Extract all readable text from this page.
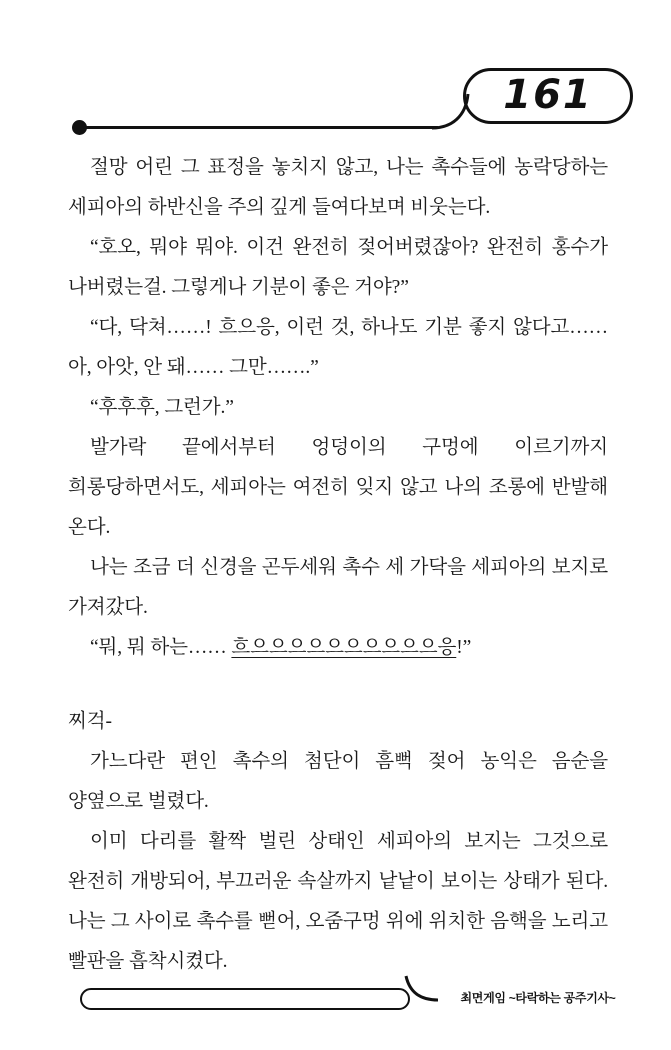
161

절망 어린 그 표정을 놓치지 않고, 나는 촉수들에 농락당하는 세피아의 하반신을 주의 깊게 들여다보며 비웃는다.

“호오, 뭐야 뭐야. 이건 완전히 젖어버렸잖아? 완전히 홍수가 나버렸는걸. 그렇게나 기분이 좋은 거야?”

“다, 닥쳐……! 흐으응, 이런 것, 하나도 기분 좋지 않다고…… 아, 아앗, 안 돼…… 그만…….”

“후후후, 그런가.”

발가락 끝에서부터 엉덩이의 구멍에 이르기까지 희롱당하면서도, 세피아는 여전히 잊지 않고 나의 조롱에 반발해 온다.

나는 조금 더 신경을 곤두세워 촉수 세 가닥을 세피아의 보지로 가져갔다.

“뭐, 뭐 하는…… 흐으으으으으으으으으으응!”

찌걱-

가느다란 편인 촉수의 첨단이 흠뻑 젖어 농익은 음순을 양옆으로 벌렸다.

이미 다리를 활짝 벌린 상태인 세피아의 보지는 그것으로 완전히 개방되어, 부끄러운 속살까지 낱낱이 보이는 상태가 된다. 나는 그 사이로 촉수를 뻗어, 오줌구멍 위에 위치한 음핵을 노리고 빨판을 흡착시켰다.

최면게임 ~타락하는 공주기사~
